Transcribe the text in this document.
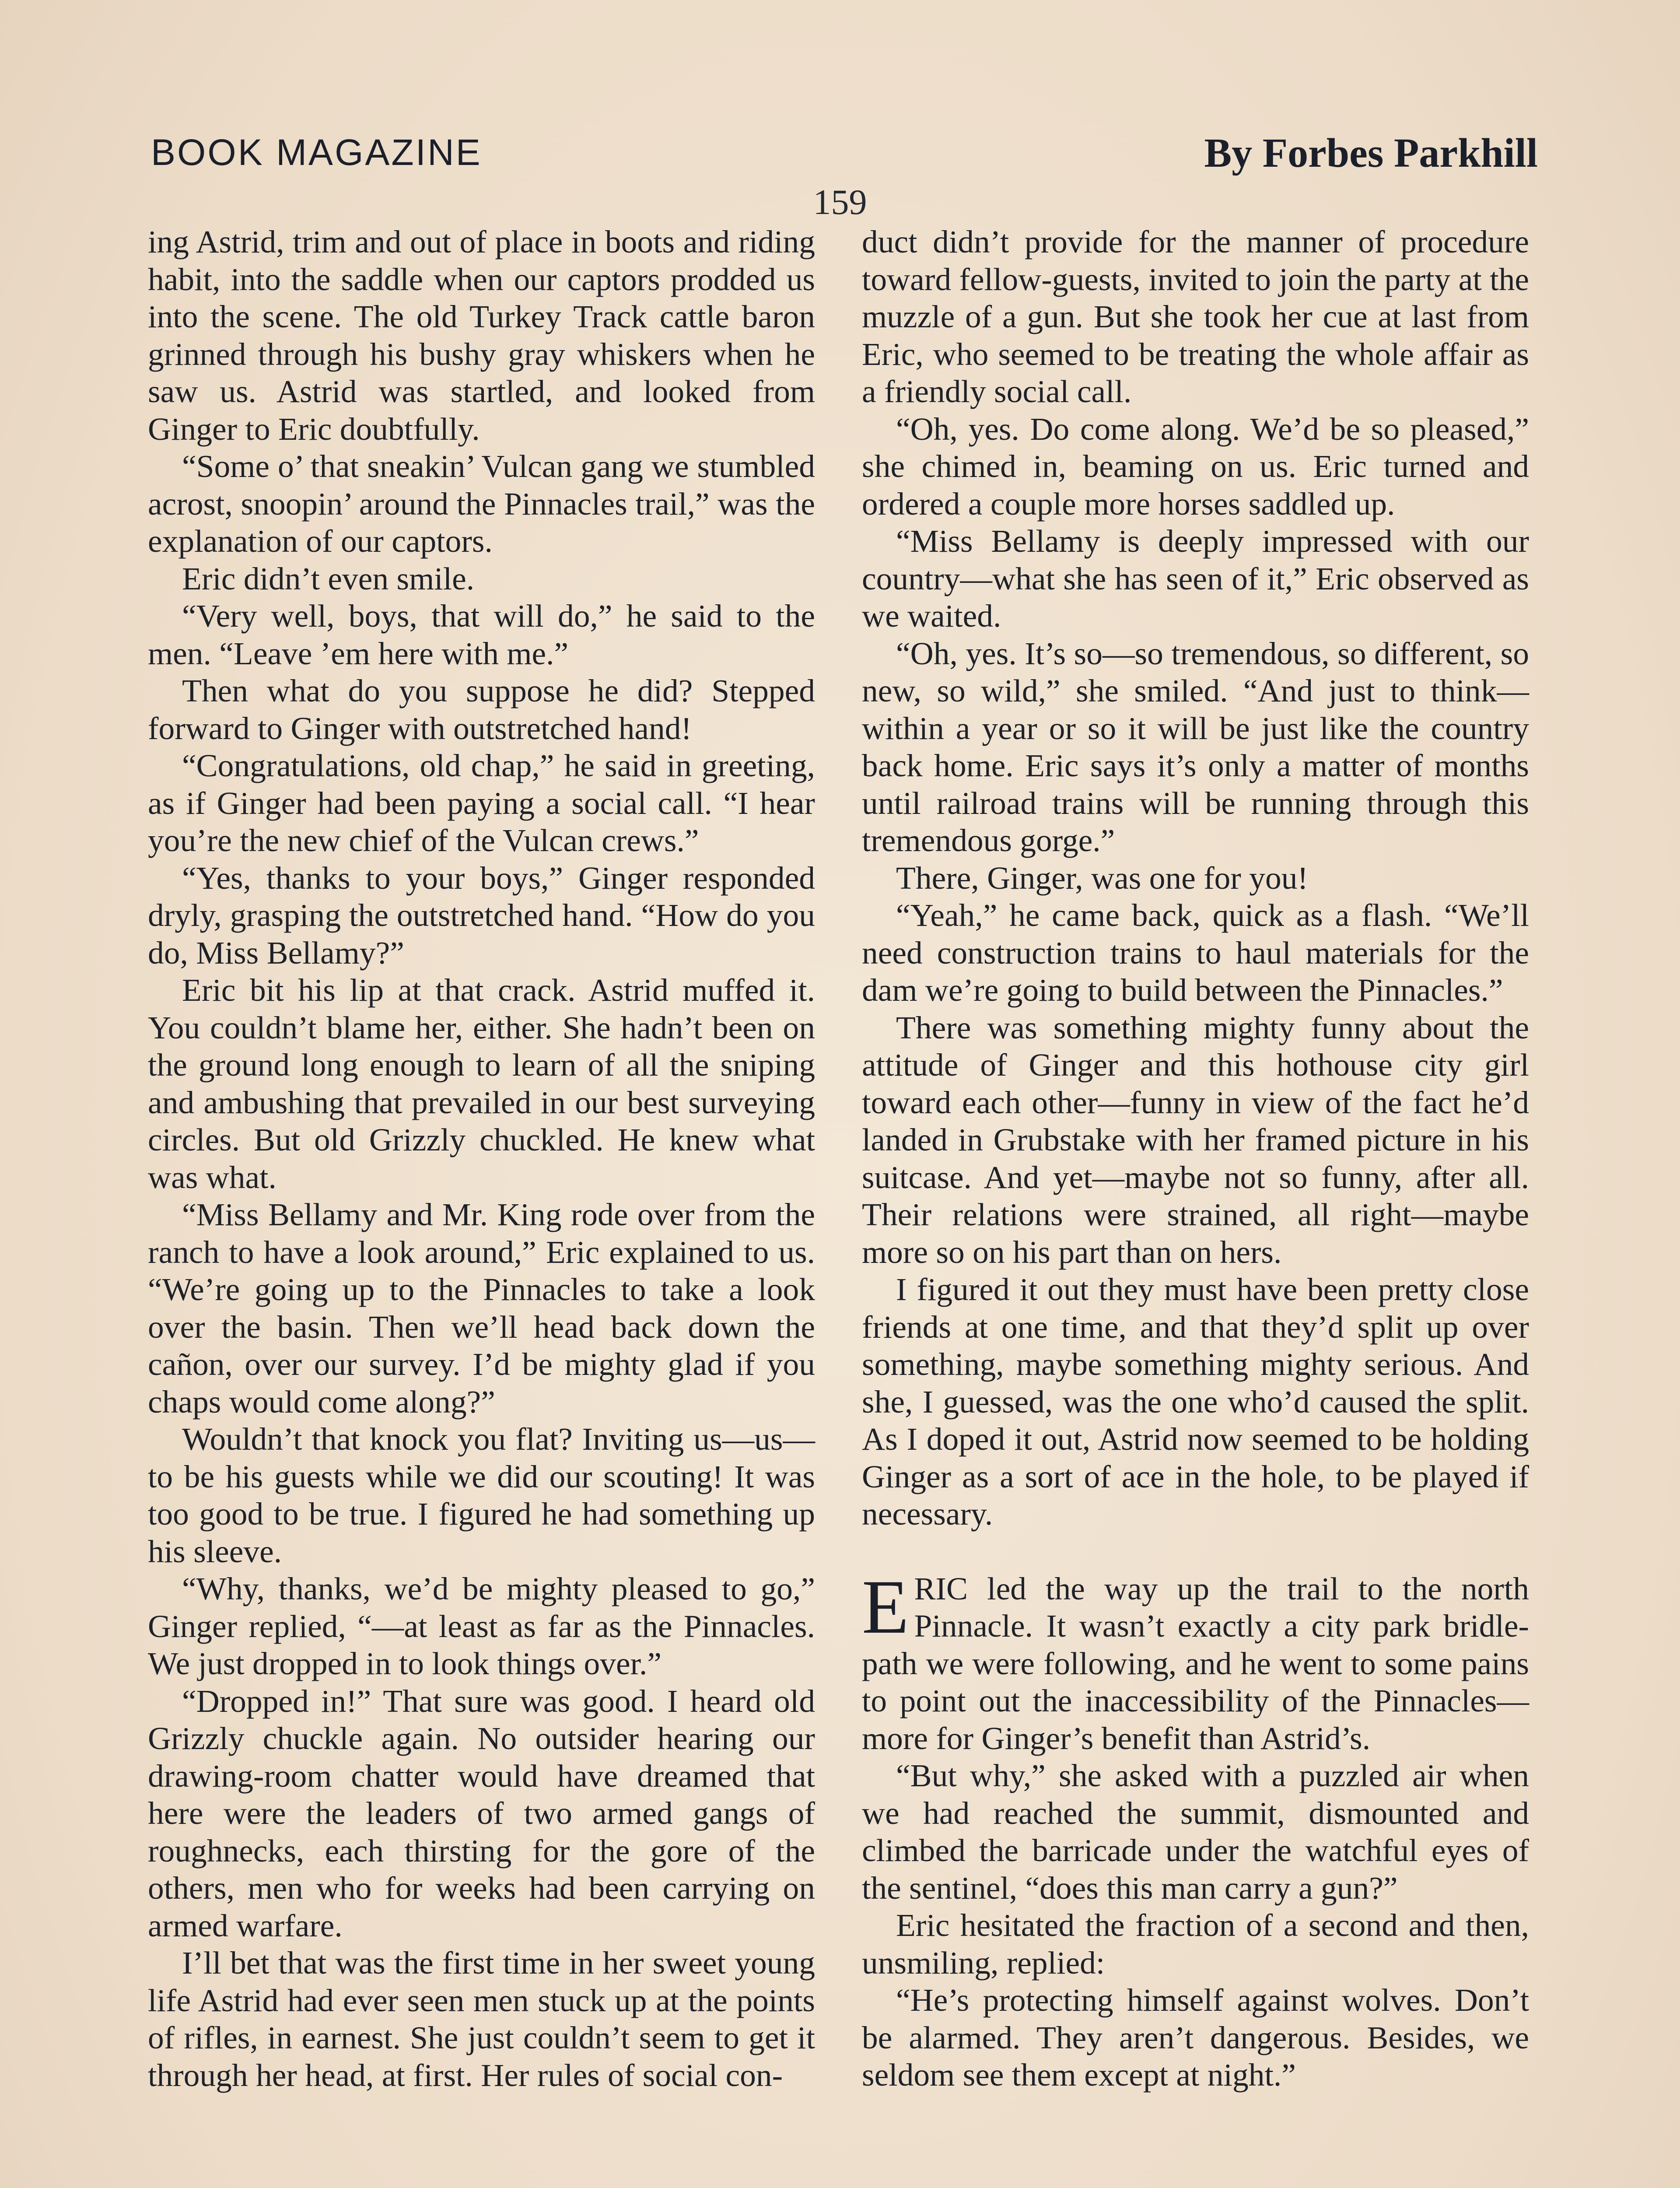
BOOK MAGAZINE	By Forbes Parkhill
159

ing Astrid, trim and out of place in boots and riding habit, into the saddle when our captors prodded us into the scene. The old Turkey Track cattle baron grinned through his bushy gray whiskers when he saw us. Astrid was startled, and looked from Ginger to Eric doubtfully.

“Some o’ that sneakin’ Vulcan gang we stumbled acrost, snoopin’ around the Pinnacles trail,” was the explanation of our captors.

Eric didn’t even smile.

“Very well, boys, that will do,” he said to the men. “Leave ’em here with me.”

Then what do you suppose he did? Stepped forward to Ginger with outstretched hand!

“Congratulations, old chap,” he said in greeting, as if Ginger had been paying a social call. “I hear you’re the new chief of the Vulcan crews.”

“Yes, thanks to your boys,” Ginger responded dryly, grasping the outstretched hand. “How do you do, Miss Bellamy?”

Eric bit his lip at that crack. Astrid muffed it. You couldn’t blame her, either. She hadn’t been on the ground long enough to learn of all the sniping and ambushing that prevailed in our best surveying circles. But old Grizzly chuckled. He knew what was what.

“Miss Bellamy and Mr. King rode over from the ranch to have a look around,” Eric explained to us. “We’re going up to the Pinnacles to take a look over the basin. Then we’ll head back down the cañon, over our survey. I’d be mighty glad if you chaps would come along?”

Wouldn’t that knock you flat? Inviting us—us—to be his guests while we did our scouting! It was too good to be true. I figured he had something up his sleeve.

“Why, thanks, we’d be mighty pleased to go,” Ginger replied, “—at least as far as the Pinnacles. We just dropped in to look things over.”

“Dropped in!” That sure was good. I heard old Grizzly chuckle again. No outsider hearing our drawing-room chatter would have dreamed that here were the leaders of two armed gangs of roughnecks, each thirsting for the gore of the others, men who for weeks had been carrying on armed warfare.

I’ll bet that was the first time in her sweet young life Astrid had ever seen men stuck up at the points of rifles, in earnest. She just couldn’t seem to get it through her head, at first. Her rules of social con-

duct didn’t provide for the manner of procedure toward fellow-guests, invited to join the party at the muzzle of a gun. But she took her cue at last from Eric, who seemed to be treating the whole affair as a friendly social call.

“Oh, yes. Do come along. We’d be so pleased,” she chimed in, beaming on us. Eric turned and ordered a couple more horses saddled up.

“Miss Bellamy is deeply impressed with our country—what she has seen of it,” Eric observed as we waited.

“Oh, yes. It’s so—so tremendous, so different, so new, so wild,” she smiled. “And just to think—within a year or so it will be just like the country back home. Eric says it’s only a matter of months until railroad trains will be running through this tremendous gorge.”

There, Ginger, was one for you!

“Yeah,” he came back, quick as a flash. “We’ll need construction trains to haul materials for the dam we’re going to build between the Pinnacles.”

There was something mighty funny about the attitude of Ginger and this hothouse city girl toward each other—funny in view of the fact he’d landed in Grubstake with her framed picture in his suitcase. And yet—maybe not so funny, after all. Their relations were strained, all right—maybe more so on his part than on hers.

I figured it out they must have been pretty close friends at one time, and that they’d split up over something, maybe something mighty serious. And she, I guessed, was the one who’d caused the split. As I doped it out, Astrid now seemed to be holding Ginger as a sort of ace in the hole, to be played if necessary.

ERIC led the way up the trail to the north Pinnacle. It wasn’t exactly a city park bridle-path we were following, and he went to some pains to point out the inaccessibility of the Pinnacles—more for Ginger’s benefit than Astrid’s.

“But why,” she asked with a puzzled air when we had reached the summit, dismounted and climbed the barricade under the watchful eyes of the sentinel, “does this man carry a gun?”

Eric hesitated the fraction of a second and then, unsmiling, replied:

“He’s protecting himself against wolves. Don’t be alarmed. They aren’t dangerous. Besides, we seldom see them except at night.”
